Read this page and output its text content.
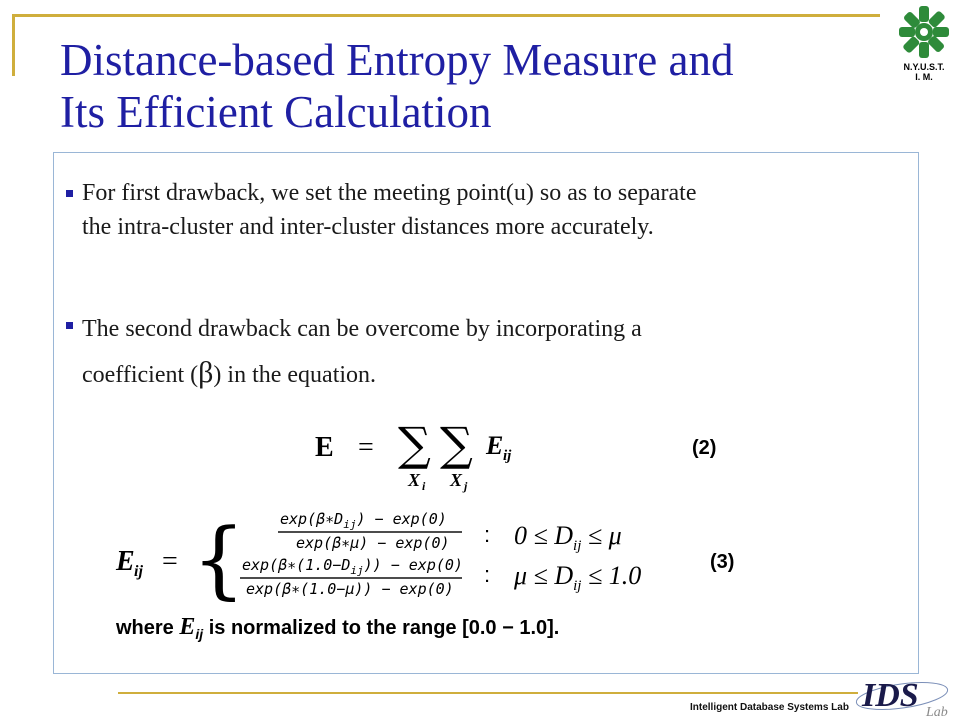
Distance-based Entropy Measure and
Its Efficient Calculation
N.Y.U.S.T.
I. M.
For first drawback, we set the meeting point(u) so as to separate
the intra-cluster and inter-cluster distances more accurately.
The second drawback can be overcome by incorporating a
coefficient (β) in the equation.
E = ∑ ∑
X i X j
E ij	(2)
E ij = { $\exp(\beta∗D_{ij}) - \exp(0)$
exp(β∗μ) − exp(0) : $0 \le D_{ij} \le \mu$
$\exp(\beta∗(1.0-D_{ij})) - \exp(0)$
exp(β∗(1.0−μ)) − exp(0)
: $\mu \le D_{ij} \le 1.0$	(3)
where $E_{ij}$ is normalized to the range [0.0 − 1.0].
Intelligent Database Systems Lab IDS Lab
